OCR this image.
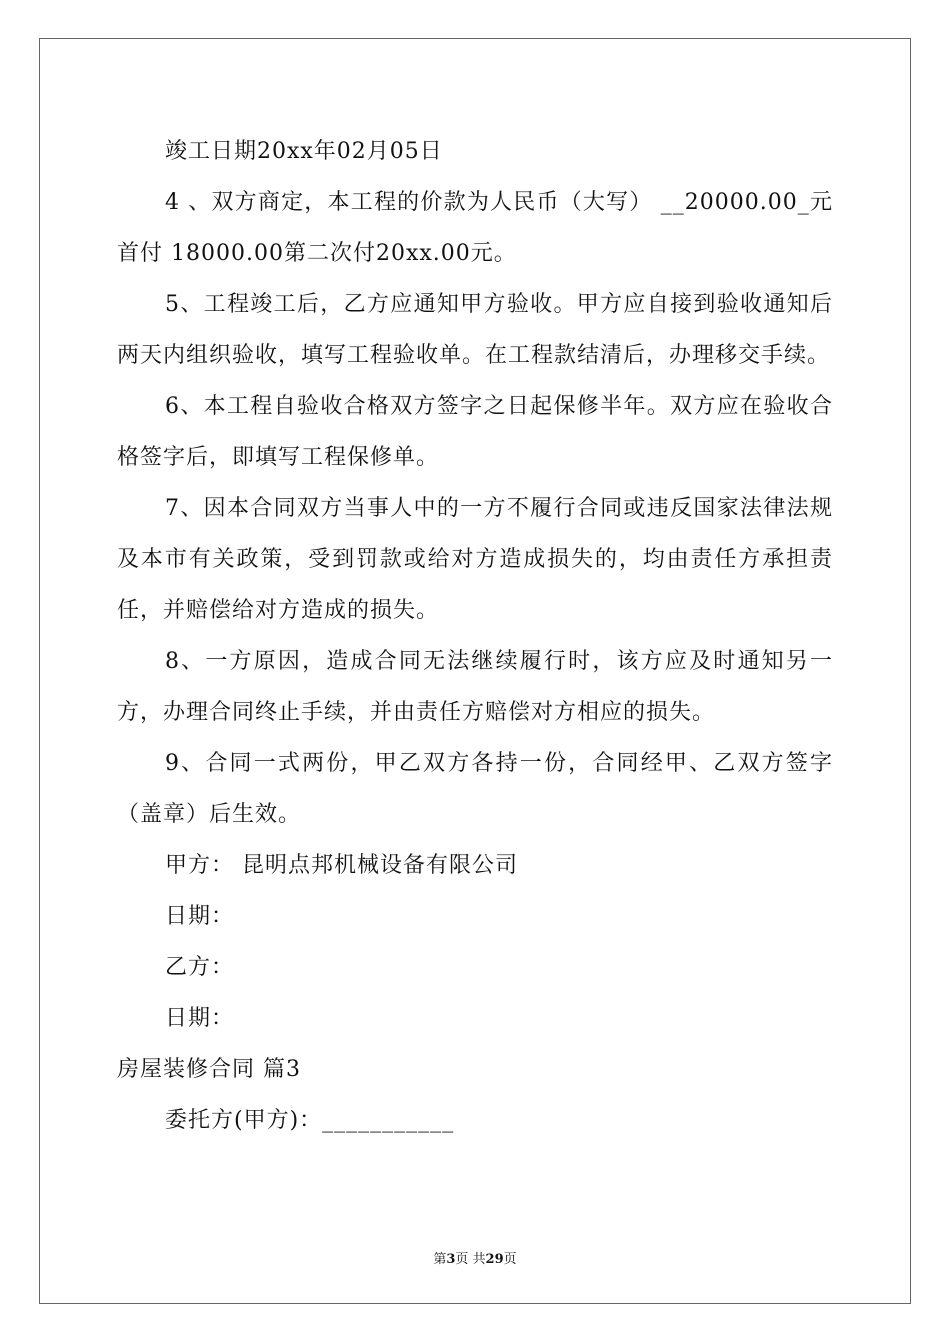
竣工日期20xx年02月05日

4 、双方商定，本工程的价款为人民币（大写） __20000.00_元首付 18000.00第二次付20xx.00元。

5、工程竣工后，乙方应通知甲方验收。甲方应自接到验收通知后两天内组织验收，填写工程验收单。在工程款结清后，办理移交手续。

6、本工程自验收合格双方签字之日起保修半年。双方应在验收合格签字后，即填写工程保修单。

7、因本合同双方当事人中的一方不履行合同或违反国家法律法规及本市有关政策，受到罚款或给对方造成损失的，均由责任方承担责任，并赔偿给对方造成的损失。

8、一方原因，造成合同无法继续履行时，该方应及时通知另一方，办理合同终止手续，并由责任方赔偿对方相应的损失。

9、合同一式两份，甲乙双方各持一份，合同经甲、乙双方签字（盖章）后生效。

甲方： 昆明点邦机械设备有限公司

日期：

乙方：

日期：

房屋装修合同 篇3

委托方(甲方)：___________

第3页 共29页
